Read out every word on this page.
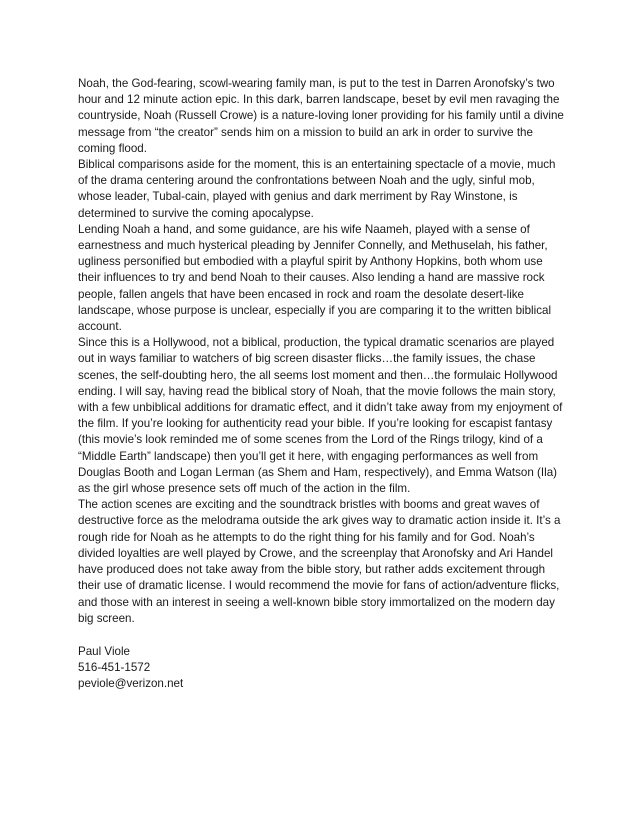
Noah, the God-fearing, scowl-wearing family man, is put to the test in Darren Aronofsky’s two hour and 12 minute action epic. In this dark, barren landscape, beset by evil men ravaging the countryside, Noah (Russell Crowe) is a nature-loving loner providing for his family until a divine message from “the creator” sends him on a mission to build an ark in order to survive the coming flood.

Biblical comparisons aside for the moment, this is an entertaining spectacle of a movie, much of the drama centering around the confrontations between Noah and the ugly, sinful mob, whose leader, Tubal-cain, played with genius and dark merriment by Ray Winstone, is determined to survive the coming apocalypse.

Lending Noah a hand, and some guidance, are his wife Naameh, played with a sense of earnestness and much hysterical pleading by Jennifer Connelly, and Methuselah, his father, ugliness personified but embodied with a playful spirit by Anthony Hopkins, both whom use their influences to try and bend Noah to their causes. Also lending a hand are massive rock people, fallen angels that have been encased in rock and roam the desolate desert-like landscape, whose purpose is unclear, especially if you are comparing it to the written biblical account.

Since this is a Hollywood, not a biblical, production, the typical dramatic scenarios are played out in ways familiar to watchers of big screen disaster flicks…the family issues, the chase scenes, the self-doubting hero, the all seems lost moment and then…the formulaic Hollywood ending. I will say, having read the biblical story of Noah, that the movie follows the main story, with a few unbiblical additions for dramatic effect, and it didn’t take away from my enjoyment of the film. If you’re looking for authenticity read your bible. If you’re looking for escapist fantasy (this movie’s look reminded me of some scenes from the Lord of the Rings trilogy, kind of a “Middle Earth” landscape) then you’ll get it here, with engaging performances as well from Douglas Booth and Logan Lerman (as Shem and Ham, respectively), and Emma Watson (Ila) as the girl whose presence sets off much of the action in the film.

The action scenes are exciting and the soundtrack bristles with booms and great waves of destructive force as the melodrama outside the ark gives way to dramatic action inside it. It’s a rough ride for Noah as he attempts to do the right thing for his family and for God. Noah’s divided loyalties are well played by Crowe, and the screenplay that Aronofsky and Ari Handel have produced does not take away from the bible story, but rather adds excitement through their use of dramatic license. I would recommend the movie for fans of action/adventure flicks, and those with an interest in seeing a well-known bible story immortalized on the modern day big screen.

Paul Viole
516-451-1572
peviole@verizon.net
